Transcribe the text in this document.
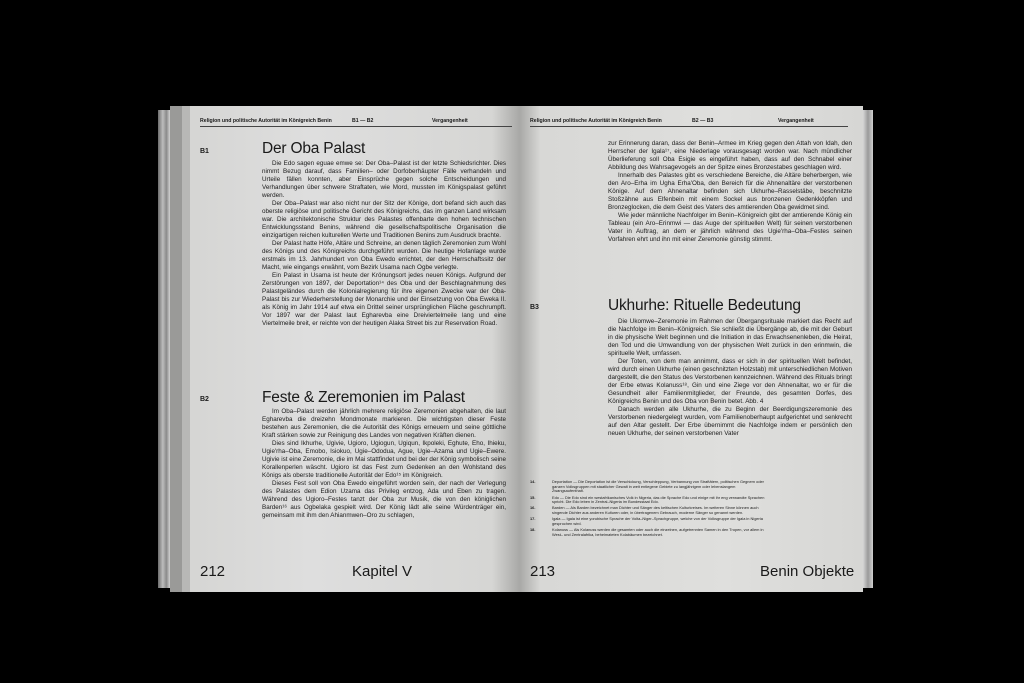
Religion und politische Autorität im Königreich Benin	B1 — B2	Vergangenheit
B1	Der Oba Palast

Die Edo sagen eguae emwe se: Der Oba–Palast ist der letzte Schiedsrichter. Dies nimmt Bezug darauf, dass Familien– oder Dorfoberhäupter Fälle verhandeln und Urteile fällen konnten, aber Einsprüche gegen solche Entscheidungen und Verhandlungen über schwere Straftaten, wie Mord, mussten im Königspalast geführt werden.

Der Oba–Palast war also nicht nur der Sitz der Könige, dort befand sich auch das oberste religiöse und politische Gericht des Königreichs, das im ganzen Land wirksam war. Die architektonische Struktur des Palastes offenbarte den hohen technischen Entwicklungsstand Benins, während die gesellschaftspolitische Organisation die einzigartigen reichen kulturellen Werte und Traditionen Benins zum Ausdruck brachte.

Der Palast hatte Höfe, Altäre und Schreine, an denen täglich Zeremonien zum Wohl des Königs und des Königreichs durchgeführt wurden. Die heutige Hofanlage wurde erstmals im 13. Jahrhundert von Oba Ewedo errichtet, der den Herrschaftssitz der Macht, wie eingangs erwähnt, vom Bezirk Usama nach Ogbe verlegte.

Ein Palast in Usama ist heute der Krönungsort jedes neuen Königs. Aufgrund der Zerstörungen von 1897, der Deportation¹⁴ des Oba und der Beschlagnahmung des Palastgeländes durch die Kolonialregierung für ihre eigenen Zwecke war der Oba-Palast bis zur Wiederherstellung der Monarchie und der Einsetzung von Oba Eweka II. als König im Jahr 1914 auf etwa ein Drittel seiner ursprünglichen Fläche geschrumpft. Vor 1897 war der Palast laut Egharevba eine Dreiviertelmeile lang und eine Viertelmeile breit, er reichte von der heutigen Alaka Street bis zur Reservation Road.

B2	Feste & Zeremonien im Palast

Im Oba–Palast werden jährlich mehrere religiöse Zeremonien abgehalten, die laut Egharevba die dreizehn Mondmonate markieren. Die wichtigsten dieser Feste bestehen aus Zeremonien, die die Autorität des Königs erneuern und seine göttliche Kraft stärken sowie zur Reinigung des Landes von negativen Kräften dienen.

Dies sind Ikhurhe, Ugivie, Ugioro, Ugiogun, Ugiqun, Ikpoleki, Eghute, Eho, Ihieku, Ugie'rha–Oba, Emobo, Isiokuo, Ugie–Ododua, Ague, Ugie–Azama und Ugie–Ewere. Ugivie ist eine Zeremonie, die im Mai stattfindet und bei der der König symbolisch seine Korallenperlen wäscht. Ugioro ist das Fest zum Gedenken an den Wohlstand des Königs als oberste traditionelle Autorität der Edo¹⁵ im Königreich.

Dieses Fest soll von Oba Ewedo eingeführt worden sein, der nach der Verlegung des Palastes dem Edion Uzama das Privileg entzog, Ada und Eben zu tragen. Während des Ugioro–Festes tanzt der Oba zur Musik, die von den königlichen Barden¹⁶ aus Ogbelaka gespielt wird. Der König lädt alle seine Würdenträger ein, gemeinsam mit ihm den Ahianmwen–Oro zu schlagen,

212	Kapitel V
Religion und politische Autorität im Königreich Benin	B2 — B3	Vergangenheit

zur Erinnerung daran, dass der Benin–Armee im Krieg gegen den Attah von Idah, den Herrscher der Igala¹⁷, eine Niederlage vorausgesagt worden war. Nach mündlicher Überlieferung soll Oba Esigie es eingeführt haben, dass auf den Schnabel einer Abbildung des Wahrsagevogels an der Spitze eines Bronzestabes geschlagen wird.

Innerhalb des Palastes gibt es verschiedene Bereiche, die Altäre beherbergen, wie den Aro–Erha im Ugha Erha'Oba, den Bereich für die Ahnenaltäre der verstorbenen Könige. Auf dem Ahnenaltar befinden sich Ukhurhe–Rasselstäbe, beschnitzte Stoßzähne aus Elfenbein mit einem Sockel aus bronzenen Gedenkköpfen und Bronzeglocken, die dem Geist des Vaters des amtierenden Oba gewidmet sind.

Wie jeder männliche Nachfolger im Benin–Königreich gibt der amtierende König ein Tableau (ein Aro–Erinmwi — das Auge der spirituellen Welt) für seinen verstorbenen Vater in Auftrag, an dem er jährlich während des Ugie'rha–Oba–Festes seinen Vorfahren ehrt und ihn mit einer Zeremonie günstig stimmt.

B3	Ukhurhe: Rituelle Bedeutung

Die Ukomwe–Zeremonie im Rahmen der Übergangsrituale markiert das Recht auf die Nachfolge im Benin–Königreich. Sie schließt die Übergänge ab, die mit der Geburt in die physische Welt beginnen und die Initiation in das Erwachsenenleben, die Heirat, den Tod und die Umwandlung von der physischen Welt zurück in den erinmwin, die spirituelle Welt, umfassen.

Der Toten, von dem man annimmt, dass er sich in der spirituellen Welt befindet, wird durch einen Ukhurhe (einen geschnitzten Holzstab) mit unterschiedlichen Motiven dargestellt, die den Status des Verstorbenen kennzeichnen. Während des Rituals bringt der Erbe etwas Kolanuss¹⁸, Gin und eine Ziege vor den Ahnenaltar, wo er für die Gesundheit aller Familienmitglieder, der Freunde, des gesamten Dorfes, des Königreichs Benin und des Oba von Benin betet. Abb. 4

Danach werden alle Ukhurhe, die zu Beginn der Beerdigungszeremonie des Verstorbenen niedergelegt wurden, vom Familienoberhaupt aufgerichtet und senkrecht auf den Altar gestellt. Der Erbe übernimmt die Nachfolge indem er persönlich den neuen Ukhurhe, der seinen verstorbenen Vater

14.	Deportation — Die Deportation ist die Verschickung, Verschleppung, Verbannung von Straftätern, politischen Gegnern oder ganzen Volksgruppen mit staatlicher Gewalt in weit entlegene Gebiete zu langjährigem oder lebenslangem Zwangsaufenthalt.
15.	Edo — Die Edo sind ein westafrikanisches Volk in Nigeria, das die Sprache Edo und einige mit ihr eng verwandte Sprachen spricht. Die Edo leben in Zentral–Nigeria im Bundesstaat Edo.
16.	Barden — Als Barden bezeichnet man Dichter und Sänger des keltischen Kulturkreises. Im weiteren Sinne können auch singende Dichter aus anderen Kulturen oder, in übertragenem Gebrauch, moderne Sänger so genannt werden.
17.	Igala — Igala ist eine yorubische Sprache der Volta–Niger–Sprachgruppe, welche von der Volksgruppe der Igala in Nigeria gesprochen wird.
18.	Kolanuss — Als Kolanuss werden die gesamten oder auch die einzelnen, aufgetrennten Samen in den Tropen, vor allem in West– und Zentralafrika, beheimateten Kolabäumen bezeichnet.
213	Benin Objekte
